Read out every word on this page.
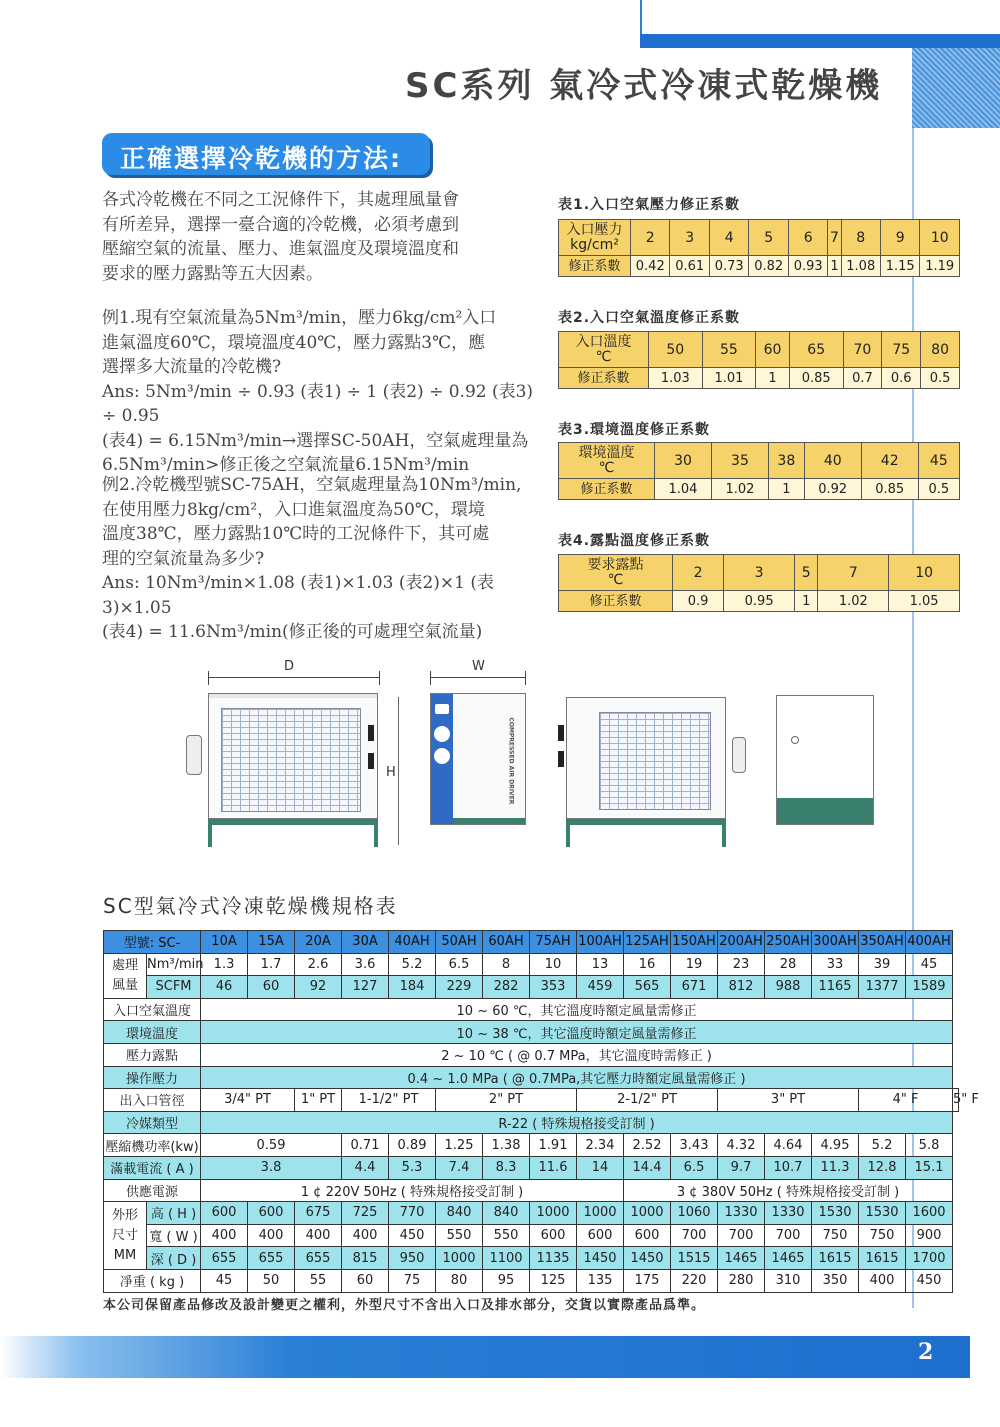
SC系列 氣冷式冷凍式乾燥機
正確選擇冷乾機的方法:

各式冷乾機在不同之工況條件下，其處理風量會

有所差异，選擇一臺合適的冷乾機，必須考慮到

壓縮空氣的流量、壓力、進氣溫度及環境溫度和

要求的壓力露點等五大因素。

例1.現有空氣流量為5Nm³/min，壓力6kg/cm²入口

進氣溫度60℃，環境溫度40℃，壓力露點3℃，應

選擇多大流量的冷乾機?

Ans: 5Nm³/min ÷ 0.93 (表1) ÷ 1 (表2) ÷ 0.92 (表3) ÷ 0.95

(表4) = 6.15Nm³/min→選擇SC-50AH，空氣處理量為

6.5Nm³/min>修正後之空氣流量6.15Nm³/min

例2.冷乾機型號SC-75AH，空氣處理量為10Nm³/min,

在使用壓力8kg/cm²，入口進氣溫度為50℃，環境

溫度38℃，壓力露點10℃時的工況條件下，其可處

理的空氣流量為多少?

Ans: 10Nm³/min×1.08 (表1)×1.03 (表2)×1 (表3)×1.05

(表4) = 11.6Nm³/min(修正後的可處理空氣流量)

表1.入口空氣壓力修正系數
入口壓力
kg/cm²	2	3	4	5	6	7	8	9	10
修正系數	0.42	0.61	0.73	0.82	0.93	1	1.08	1.15	1.19
表2.入口空氣溫度修正系數
入口溫度
℃	50	55	60	65	70	75	80
修正系數	1.03	1.01	1	0.85	0.7	0.6	0.5
表3.環境溫度修正系數
環境溫度
℃	30	35	38	40	42	45
修正系數	1.04	1.02	1	0.92	0.85	0.5
表4.露點溫度修正系數
要求露點
℃	2	3	5	7	10
修正系數	0.9	0.95	1	1.02	1.05
D
H
W
COMPRESSED AIR DRIVER
SC型氣冷式冷凍乾燥機規格表
型號: SC-		10A	15A	20A	30A	40AH	50AH	60AH	75AH	100AH	125AH	150AH	200AH	250AH	300AH	350AH	400AH	
處理
風量	Nm³/min	1.3	1.7	2.6	3.6	5.2	6.5	8	10	13	16	19	23	28	33	39	45	
	SCFM	46	60	92	127	184	229	282	353	459	565	671	812	988	1165	1377	1589	
入口空氣溫度		10 ~ 60 ℃，其它溫度時額定風量需修正																
環境溫度		10 ~ 38 ℃，其它溫度時額定風量需修正																
壓力露點		2 ~ 10 ℃ ( @ 0.7 MPa，其它溫度時需修正 )																
操作壓力		0.4 ~ 1.0 MPa ( @ 0.7MPa,其它壓力時額定風量需修正 )																
出入口管徑		3/4" PT		1" PT	1-1/2" PT		2" PT			2-1/2" PT			3" PT			4" F		5" F
冷媒類型		R-22 ( 特殊規格接受訂制 )																
壓縮機功率(kw)		0.59			0.71	0.89	1.25	1.38	1.91	2.34	2.52	3.43	4.32	4.64	4.95	5.2	5.8	
滿載電流 ( A )		3.8			4.4	5.3	7.4	8.3	11.6	14	14.4	6.5	9.7	10.7	11.3	12.8	15.1	
供應電源		1 ¢ 220V 50Hz ( 特殊規格接受訂制 )									3 ¢ 380V 50Hz ( 特殊規格接受訂制 )							
外形
尺寸
MM	高 ( H )	600	600	675	725	770	840	840	1000	1000	1000	1060	1330	1330	1530	1530	1600	
	寬 ( W )	400	400	400	400	450	550	550	600	600	600	700	700	700	750	750	900	
	深 ( D )	655	655	655	815	950	1000	1100	1135	1450	1450	1515	1465	1465	1615	1615	1700	
凈重 ( kg )		45	50	55	60	75	80	95	125	135	175	220	280	310	350	400	450	
本公司保留產品修改及設計變更之權利，外型尺寸不含出入口及排水部分，交貨以實際產品爲準。
2
